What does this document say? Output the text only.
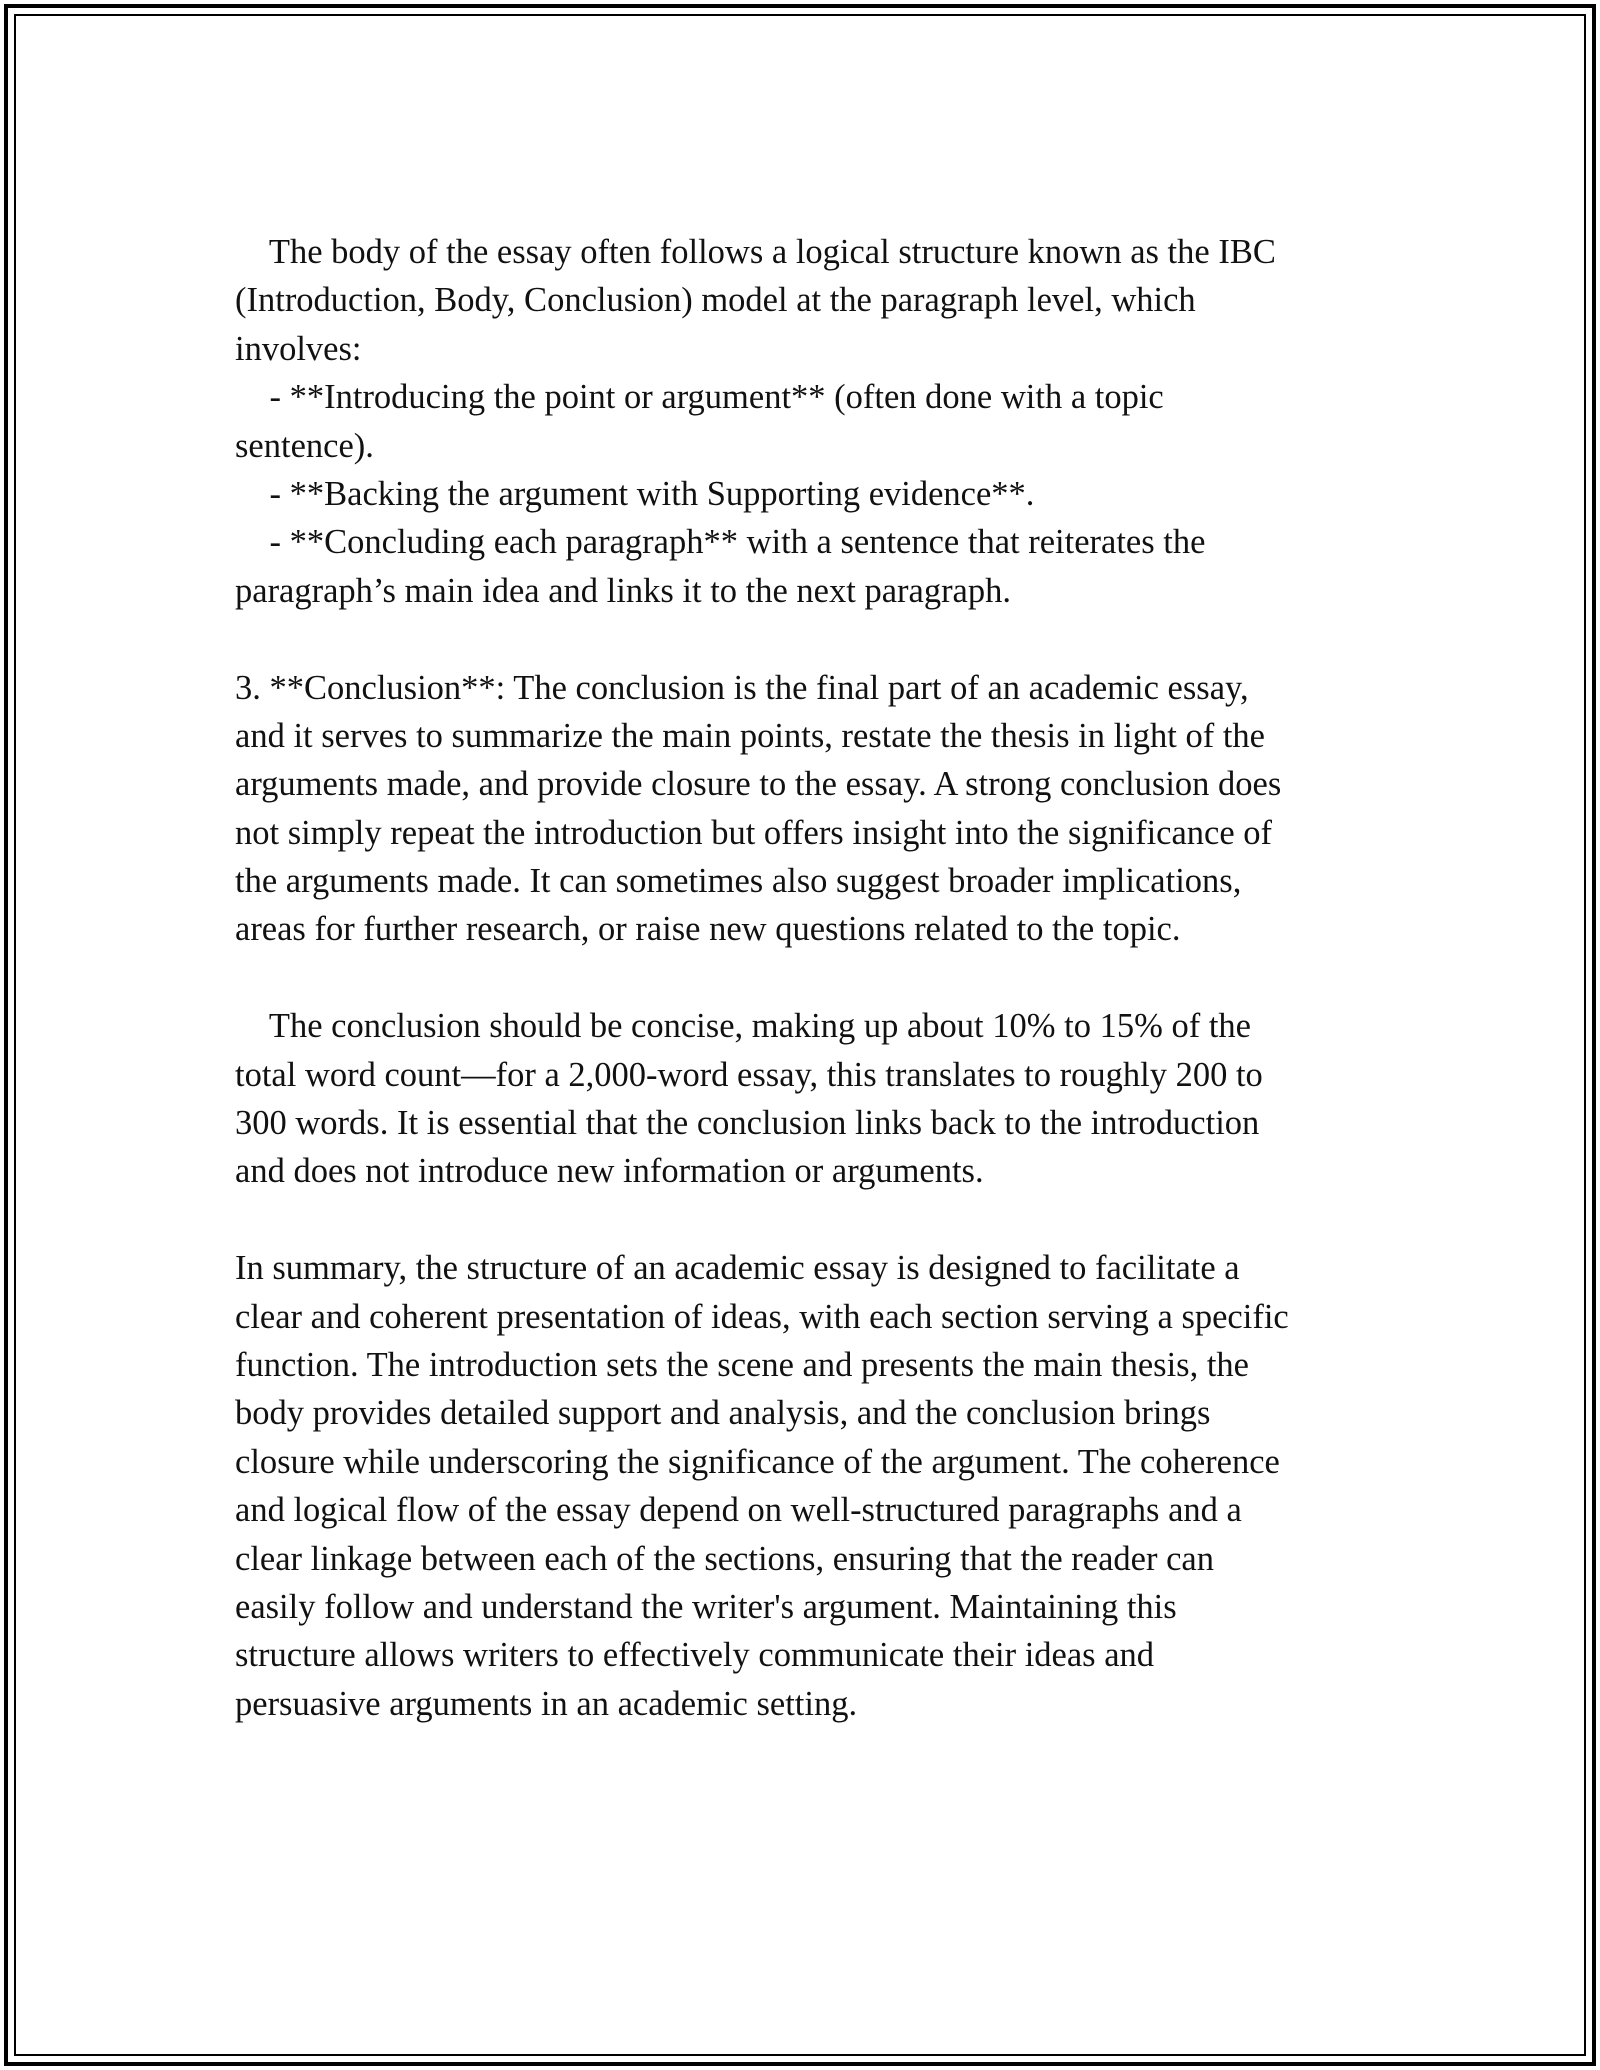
The body of the essay often follows a logical structure known as the IBC
(Introduction, Body, Conclusion) model at the paragraph level, which
involves:
- **Introducing the point or argument** (often done with a topic
sentence).
- **Backing the argument with Supporting evidence**.
- **Concluding each paragraph** with a sentence that reiterates the
paragraph’s main idea and links it to the next paragraph.
3. **Conclusion**: The conclusion is the final part of an academic essay,
and it serves to summarize the main points, restate the thesis in light of the
arguments made, and provide closure to the essay. A strong conclusion does
not simply repeat the introduction but offers insight into the significance of
the arguments made. It can sometimes also suggest broader implications,
areas for further research, or raise new questions related to the topic.
The conclusion should be concise, making up about 10% to 15% of the
total word count—for a 2,000-word essay, this translates to roughly 200 to
300 words. It is essential that the conclusion links back to the introduction
and does not introduce new information or arguments.
In summary, the structure of an academic essay is designed to facilitate a
clear and coherent presentation of ideas, with each section serving a specific
function. The introduction sets the scene and presents the main thesis, the
body provides detailed support and analysis, and the conclusion brings
closure while underscoring the significance of the argument. The coherence
and logical flow of the essay depend on well-structured paragraphs and a
clear linkage between each of the sections, ensuring that the reader can
easily follow and understand the writer's argument. Maintaining this
structure allows writers to effectively communicate their ideas and
persuasive arguments in an academic setting.
